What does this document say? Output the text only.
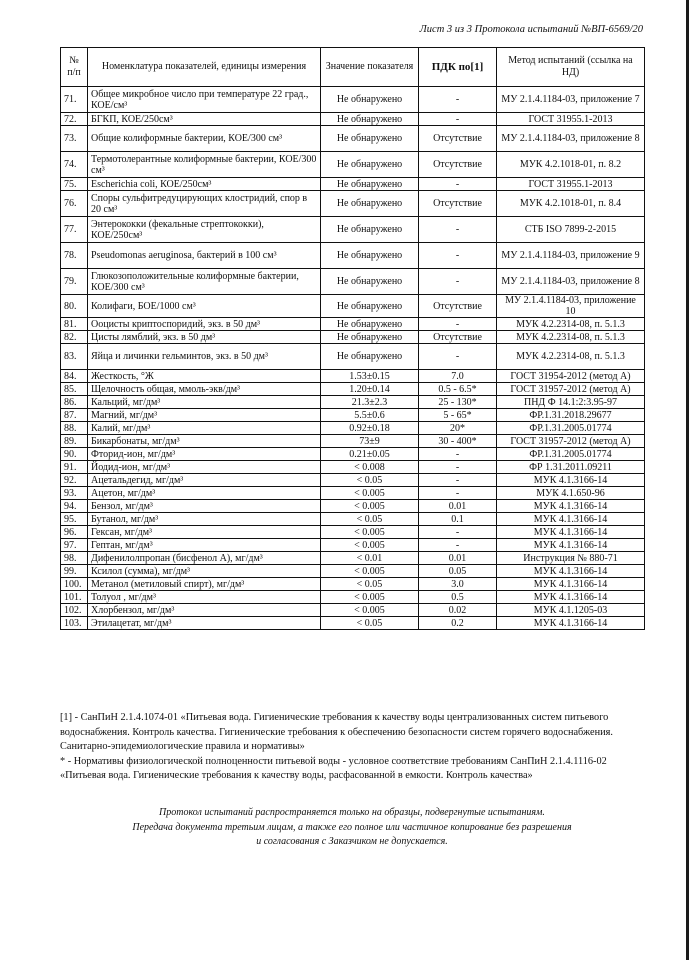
Лист 3 из 3 Протокола испытаний №ВП-6569/20
№ п/п	Номенклатура показателей, единицы измерения	Значение показателя	ПДК по[1]	Метод испытаний (ссылка на НД)
71.	Общее микробное число при температуре 22 град., КОЕ/см³	Не обнаружено	-	МУ 2.1.4.1184-03, приложение 7
72.	БГКП, КОЕ/250см³	Не обнаружено	-	ГОСТ 31955.1-2013
73.	Общие колиформные бактерии, КОЕ/300 см³	Не обнаружено	Отсутствие	МУ 2.1.4.1184-03, приложение 8
74.	Термотолерантные колиформные бактерии, КОЕ/300 см³	Не обнаружено	Отсутствие	МУК 4.2.1018-01, п. 8.2
75.	Escherichia coli, КОЕ/250см³	Не обнаружено	-	ГОСТ 31955.1-2013
76.	Споры сульфитредуцирующих клостридий, спор в 20 см³	Не обнаружено	Отсутствие	МУК 4.2.1018-01, п. 8.4
77.	Энтерококки (фекальные стрептококки), КОЕ/250см³	Не обнаружено	-	СТБ ISO 7899-2-2015
78.	Pseudomonas aeruginosa, бактерий в 100 см³	Не обнаружено	-	МУ 2.1.4.1184-03, приложение 9
79.	Глюкозоположительные колиформные бактерии, КОЕ/300 см³	Не обнаружено	-	МУ 2.1.4.1184-03, приложение 8
80.	Колифаги, БОЕ/1000 см³	Не обнаружено	Отсутствие	МУ 2.1.4.1184-03, приложение 10
81.	Ооцисты криптоспоридий, экз. в 50 дм³	Не обнаружено	-	МУК 4.2.2314-08, п. 5.1.3
82.	Цисты лямблий, экз. в 50 дм³	Не обнаружено	Отсутствие	МУК 4.2.2314-08, п. 5.1.3
83.	Яйца и личинки гельминтов, экз. в 50 дм³	Не обнаружено	-	МУК 4.2.2314-08, п. 5.1.3
84.	Жесткость, °Ж	1.53±0.15	7.0	ГОСТ 31954-2012 (метод А)
85.	Щелочность общая, ммоль-экв/дм³	1.20±0.14	0.5 - 6.5*	ГОСТ 31957-2012 (метод А)
86.	Кальций, мг/дм³	21.3±2.3	25 - 130*	ПНД Ф 14.1:2:3.95-97
87.	Магний, мг/дм³	5.5±0.6	5 - 65*	ФР.1.31.2018.29677
88.	Калий, мг/дм³	0.92±0.18	20*	ФР.1.31.2005.01774
89.	Бикарбонаты, мг/дм³	73±9	30 - 400*	ГОСТ 31957-2012 (метод А)
90.	Фторид-ион, мг/дм³	0.21±0.05	-	ФР.1.31.2005.01774
91.	Йодид-ион, мг/дм³	< 0.008	-	ФР 1.31.2011.09211
92.	Ацетальдегид, мг/дм³	< 0.05	-	МУК 4.1.3166-14
93.	Ацетон, мг/дм³	< 0.005	-	МУК 4.1.650-96
94.	Бензол, мг/дм³	< 0.005	0.01	МУК 4.1.3166-14
95.	Бутанол, мг/дм³	< 0.05	0.1	МУК 4.1.3166-14
96.	Гексан, мг/дм³	< 0.005	-	МУК 4.1.3166-14
97.	Гептан, мг/дм³	< 0.005	-	МУК 4.1.3166-14
98.	Дифенилолпропан (бисфенол А), мг/дм³	< 0.01	0.01	Инструкция № 880-71
99.	Ксилол (сумма), мг/дм³	< 0.005	0.05	МУК 4.1.3166-14
100.	Метанол (метиловый спирт), мг/дм³	< 0.05	3.0	МУК 4.1.3166-14
101.	Толуол , мг/дм³	< 0.005	0.5	МУК 4.1.3166-14
102.	Хлорбензол, мг/дм³	< 0.005	0.02	МУК 4.1.1205-03
103.	Этилацетат, мг/дм³	< 0.05	0.2	МУК 4.1.3166-14

[1] - СанПиН 2.1.4.1074-01 «Питьевая вода. Гигиенические требования к качеству воды централизованных систем питьевого водоснабжения. Контроль качества. Гигиенические требования к обеспечению безопасности систем горячего водоснабжения. Санитарно-эпидемиологические правила и нормативы»

* - Нормативы физиологической полноценности питьевой воды - условное соответствие требованиям СанПиН 2.1.4.1116-02 «Питьевая вода. Гигиенические требования к качеству воды, расфасованной в емкости. Контроль качества»

Протокол испытаний распространяется только на образцы, подвергнутые испытаниям.

Передача документа третьим лицам, а также его полное или частичное копирование без разрешения

и согласования с Заказчиком не допускается.
